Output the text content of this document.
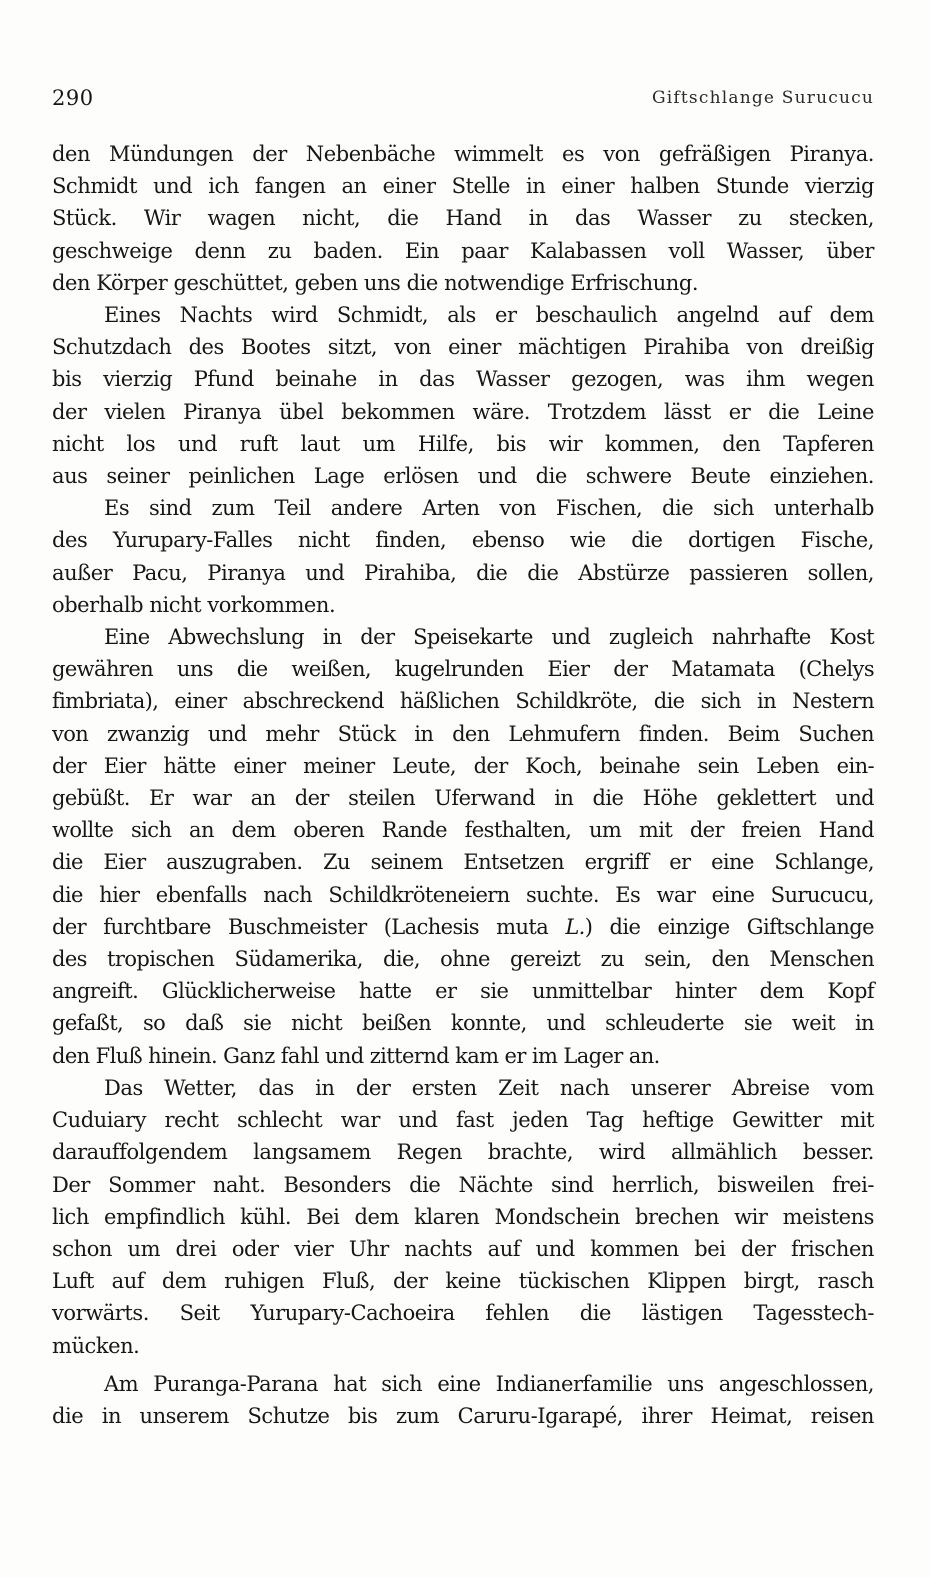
290	Giftschlange Surucucu

den Mündungen der Nebenbäche wimmelt es von gefräßigen Piranya.
Schmidt und ich fangen an einer Stelle in einer halben Stunde vierzig
Stück. Wir wagen nicht, die Hand in das Wasser zu stecken,
geschweige denn zu baden. Ein paar Kalabassen voll Wasser, über
den Körper geschüttet, geben uns die notwendige Erfrischung.

Eines Nachts wird Schmidt, als er beschaulich angelnd auf dem
Schutzdach des Bootes sitzt, von einer mächtigen Pirahiba von dreißig
bis vierzig Pfund beinahe in das Wasser gezogen, was ihm wegen
der vielen Piranya übel bekommen wäre. Trotzdem lässt er die Leine
nicht los und ruft laut um Hilfe, bis wir kommen, den Tapferen
aus seiner peinlichen Lage erlösen und die schwere Beute einziehen.

Es sind zum Teil andere Arten von Fischen, die sich unterhalb
des Yurupary-Falles nicht finden, ebenso wie die dortigen Fische,
außer Pacu, Piranya und Pirahiba, die die Abstürze passieren sollen,
oberhalb nicht vorkommen.

Eine Abwechslung in der Speisekarte und zugleich nahrhafte Kost
gewähren uns die weißen, kugelrunden Eier der Matamata (Chelys
fimbriata), einer abschreckend häßlichen Schildkröte, die sich in Nestern
von zwanzig und mehr Stück in den Lehmufern finden. Beim Suchen
der Eier hätte einer meiner Leute, der Koch, beinahe sein Leben ein-
gebüßt. Er war an der steilen Uferwand in die Höhe geklettert und
wollte sich an dem oberen Rande festhalten, um mit der freien Hand
die Eier auszugraben. Zu seinem Entsetzen ergriff er eine Schlange,
die hier ebenfalls nach Schildkröteneiern suchte. Es war eine Surucucu,
der furchtbare Buschmeister (Lachesis muta L.) die einzige Giftschlange
des tropischen Südamerika, die, ohne gereizt zu sein, den Menschen
angreift. Glücklicherweise hatte er sie unmittelbar hinter dem Kopf
gefaßt, so daß sie nicht beißen konnte, und schleuderte sie weit in
den Fluß hinein. Ganz fahl und zitternd kam er im Lager an.

Das Wetter, das in der ersten Zeit nach unserer Abreise vom
Cuduiary recht schlecht war und fast jeden Tag heftige Gewitter mit
darauffolgendem langsamem Regen brachte, wird allmählich besser.
Der Sommer naht. Besonders die Nächte sind herrlich, bisweilen frei-
lich empfindlich kühl. Bei dem klaren Mondschein brechen wir meistens
schon um drei oder vier Uhr nachts auf und kommen bei der frischen
Luft auf dem ruhigen Fluß, der keine tückischen Klippen birgt, rasch
vorwärts. Seit Yurupary-Cachoeira fehlen die lästigen Tagesstech-
mücken.

Am Puranga-Parana hat sich eine Indianerfamilie uns angeschlossen,
die in unserem Schutze bis zum Caruru-Igarapé, ihrer Heimat, reisen
